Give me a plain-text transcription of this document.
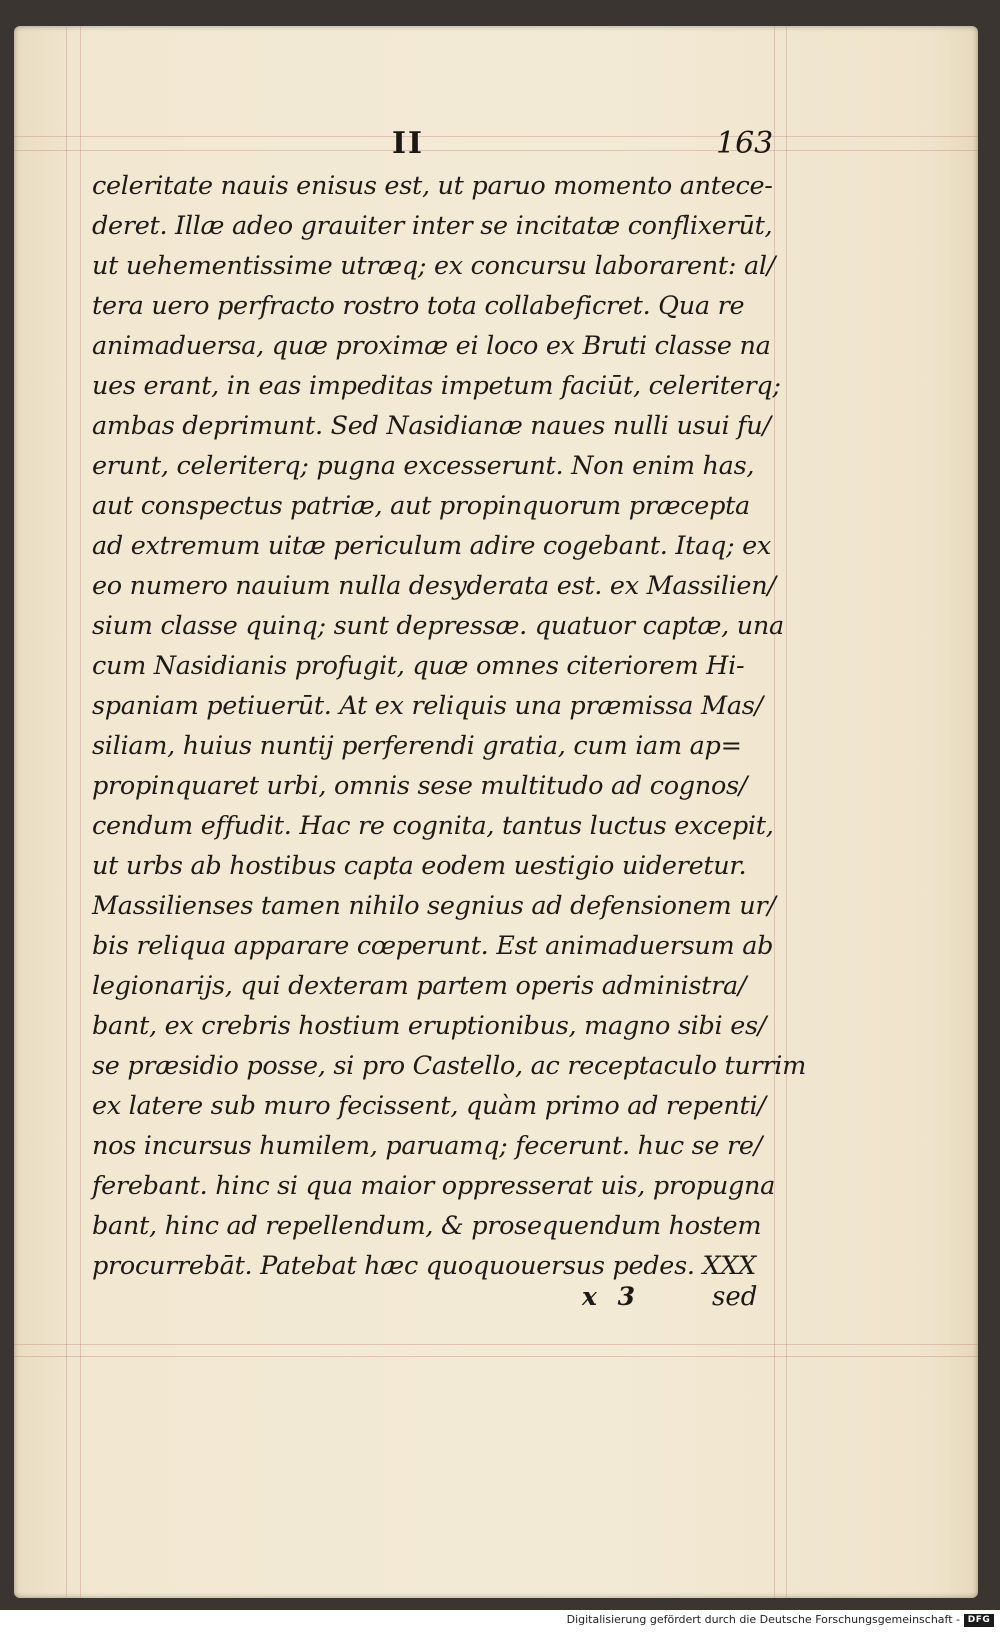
II	163
celeritate nauis enisus est, ut paruo momento antece-
deret. Illæ adeo grauiter inter se incitatæ conflixerūt,
ut uehementissime utræq; ex concursu laborarent: al/
tera uero perfracto rostro tota collabeficret. Qua re
animaduersa, quæ proximæ ei loco ex Bruti classe na
ues erant, in eas impeditas impetum faciūt, celeriterq;
ambas deprimunt. Sed Nasidianæ naues nulli usui fu/
erunt, celeriterq; pugna excesserunt. Non enim has,
aut conspectus patriæ, aut propinquorum præcepta
ad extremum uitæ periculum adire cogebant. Itaq; ex
eo numero nauium nulla desyderata est. ex Massilien/
sium classe quinq; sunt depressæ. quatuor captæ, una
cum Nasidianis profugit, quæ omnes citeriorem Hi-
spaniam petiuerūt. At ex reliquis una præmissa Mas/
siliam, huius nuntij perferendi gratia, cum iam ap=
propinquaret urbi, omnis sese multitudo ad cognos/
cendum effudit. Hac re cognita, tantus luctus excepit,
ut urbs ab hostibus capta eodem uestigio uideretur.
Massilienses tamen nihilo segnius ad defensionem ur/
bis reliqua apparare cœperunt. Est animaduersum ab
legionarijs, qui dexteram partem operis administra/
bant, ex crebris hostium eruptionibus, magno sibi es/
se præsidio posse, si pro Castello, ac receptaculo turrim
ex latere sub muro fecissent, quàm primo ad repenti/
nos incursus humilem, paruamq; fecerunt. huc se re/
ferebant. hinc si qua maior oppresserat uis, propugna
bant, hinc ad repellendum, & prosequendum hostem
procurrebāt. Patebat hæc quoquouersus pedes. XXX
x 3	sed
Digitalisierung gefördert durch die Deutsche Forschungsgemeinschaft - DFG
